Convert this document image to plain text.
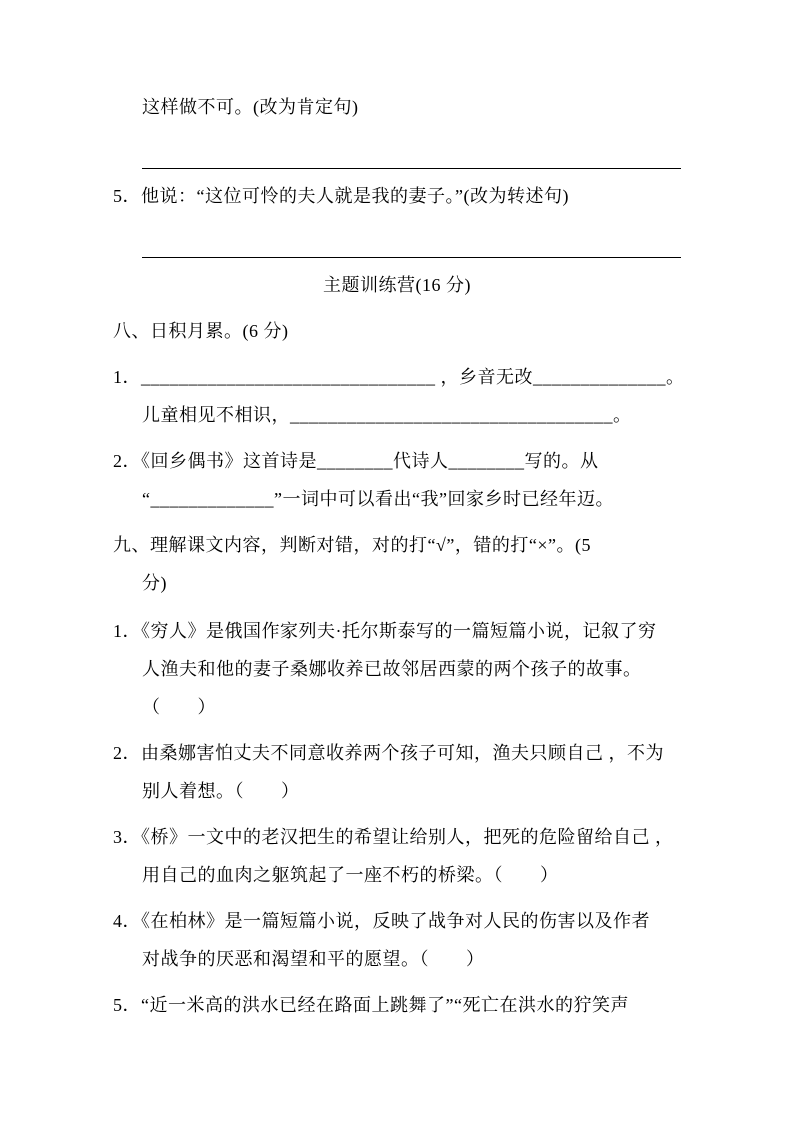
这样做不可。(改为肯定句)
5．他说：“这位可怜的夫人就是我的妻子。”(改为转述句)
主题训练营(16 分)
八、日积月累。(6 分)
1．_______________________________ ，乡音无改______________。
儿童相见不相识，__________________________________。
2．《回乡偶书》这首诗是________代诗人________写的。从
“_____________”一词中可以看出“我”回家乡时已经年迈。
九、理解课文内容，判断对错，对的打“√”，错的打“×”。(5
分)
1．《穷人》是俄国作家列夫·托尔斯泰写的一篇短篇小说，记叙了穷
人渔夫和他的妻子桑娜收养已故邻居西蒙的两个孩子的故事。
（　　）
2．由桑娜害怕丈夫不同意收养两个孩子可知，渔夫只顾自己 ，不为
别人着想。（　　）
3．《桥》一文中的老汉把生的希望让给别人，把死的危险留给自己 ，
用自己的血肉之躯筑起了一座不朽的桥梁。（　　）
4．《在柏林》是一篇短篇小说，反映了战争对人民的伤害以及作者
对战争的厌恶和渴望和平的愿望。（　　）
5．“近一米高的洪水已经在路面上跳舞了”“死亡在洪水的狞笑声
